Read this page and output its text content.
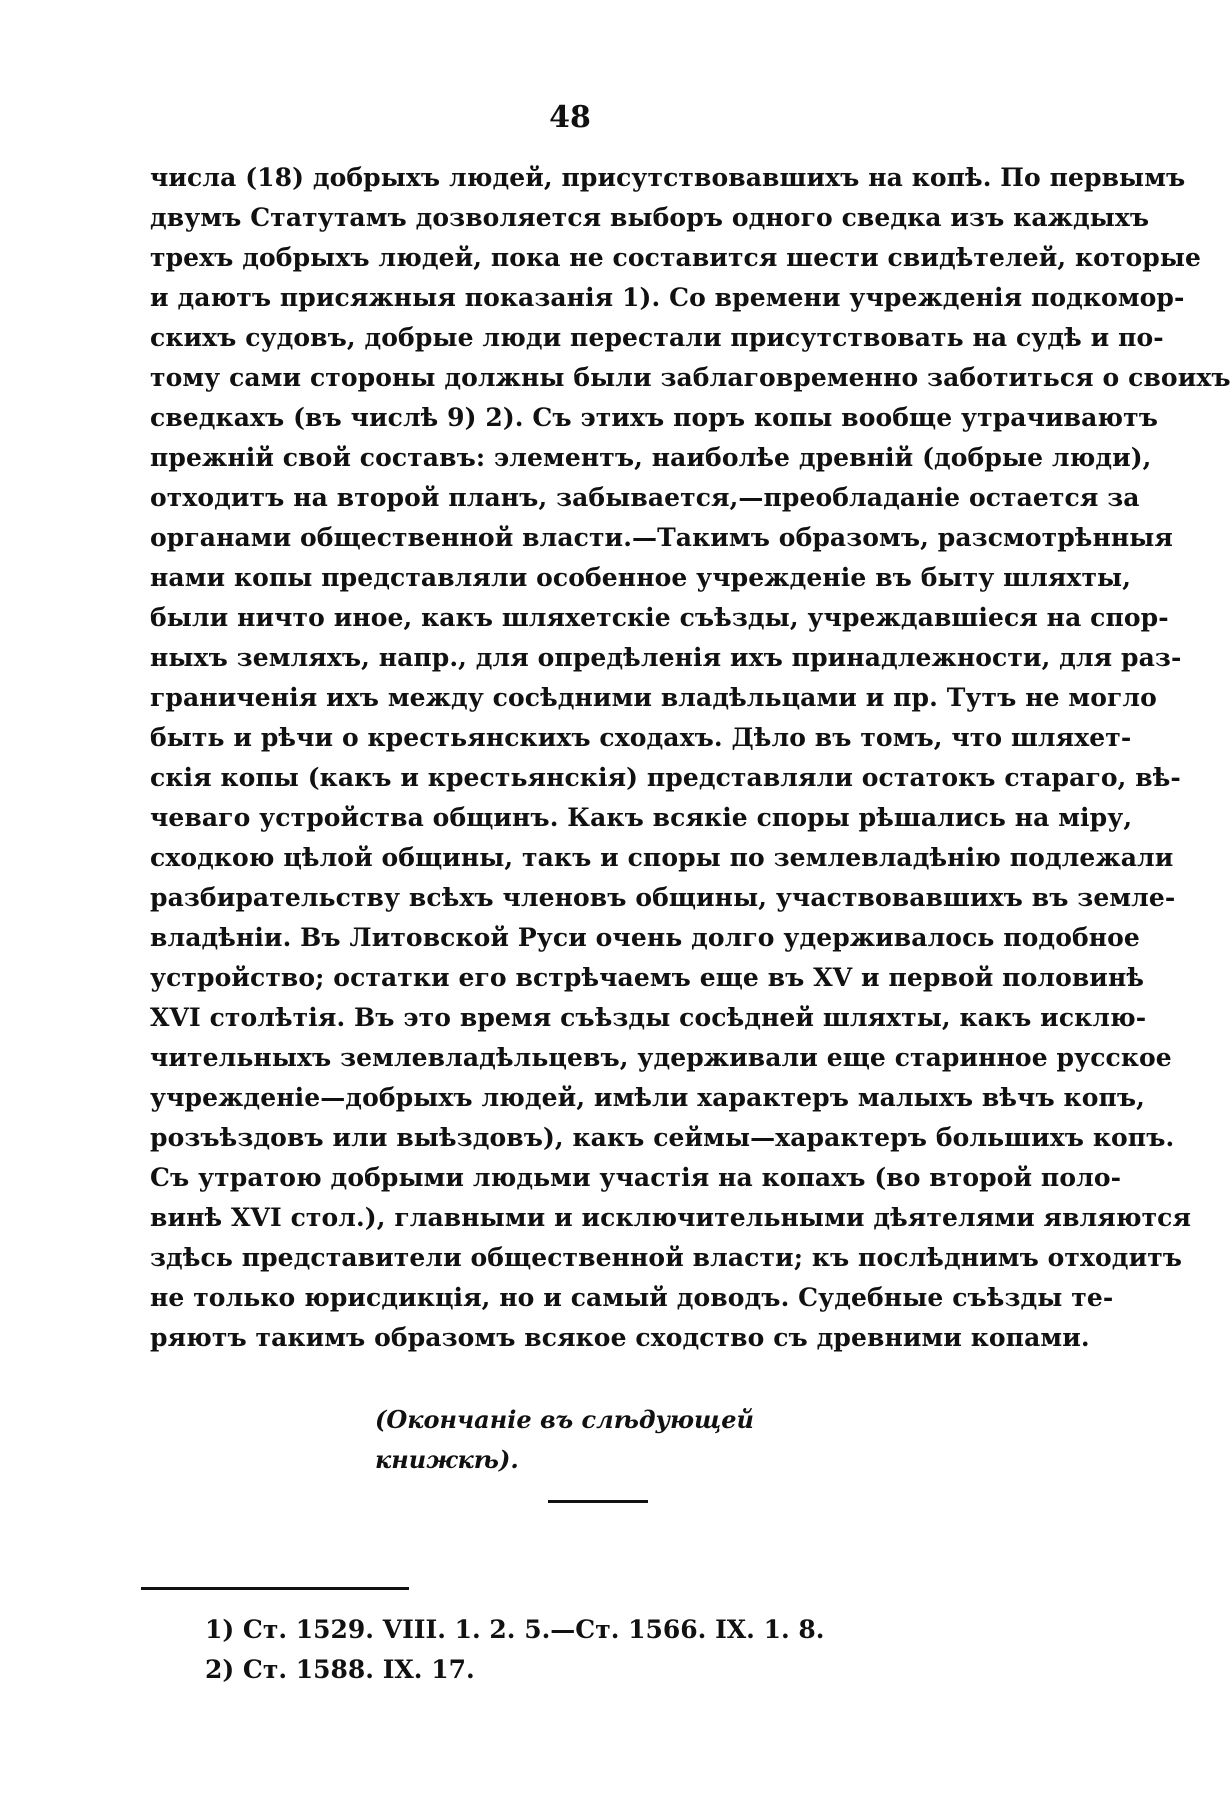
48
числа (18) добрыхъ людей, присутствовавшихъ на копѣ. По первымъ
двумъ Статутамъ дозволяется выборъ одного сведка изъ каждыхъ
трехъ добрыхъ людей, пока не составится шести свидѣтелей, которые
и даютъ присяжныя показанія 1). Со времени учрежденія подкомор-
скихъ судовъ, добрые люди перестали присутствовать на судѣ и по-
тому сами стороны должны были заблаговременно заботиться о своихъ
сведкахъ (въ числѣ 9) 2). Съ этихъ поръ копы вообще утрачиваютъ
прежній свой составъ: элементъ, наиболѣе древній (добрые люди),
отходитъ на второй планъ, забывается,—преобладаніе остается за
органами общественной власти.—Такимъ образомъ, разсмотрѣнныя
нами копы представляли особенное учрежденіе въ быту шляхты,
были ничто иное, какъ шляхетскіе съѣзды, учреждавшіеся на спор-
ныхъ земляхъ, напр., для опредѣленія ихъ принадлежности, для раз-
граниченія ихъ между сосѣдними владѣльцами и пр. Тутъ не могло
быть и рѣчи о крестьянскихъ сходахъ. Дѣло въ томъ, что шляхет-
скія копы (какъ и крестьянскія) представляли остатокъ стараго, вѣ-
чеваго устройства общинъ. Какъ всякіе споры рѣшались на міру,
сходкою цѣлой общины, такъ и споры по землевладѣнію подлежали
разбирательству всѣхъ членовъ общины, участвовавшихъ въ земле-
владѣніи. Въ Литовской Руси очень долго удерживалось подобное
устройство; остатки его встрѣчаемъ еще въ XV и первой половинѣ
XVI столѣтія. Въ это время съѣзды сосѣдней шляхты, какъ исклю-
чительныхъ землевладѣльцевъ, удерживали еще старинное русское
учрежденіе—добрыхъ людей, имѣли характеръ малыхъ вѣчъ копъ,
розъѣздовъ или выѣздовъ), какъ сеймы—характеръ большихъ копъ.
Съ утратою добрыми людьми участія на копахъ (во второй поло-
винѣ XVI стол.), главными и исключительными дѣятелями являются
здѣсь представители общественной власти; къ послѣднимъ отходитъ
не только юрисдикція, но и самый доводъ. Судебные съѣзды те-
ряютъ такимъ образомъ всякое сходство съ древними копами.
(Окончаніе въ слѣдующей книжкѣ).
1) Ст. 1529. VIII. 1. 2. 5.—Ст. 1566. IX. 1. 8.
2) Ст. 1588. IX. 17.
